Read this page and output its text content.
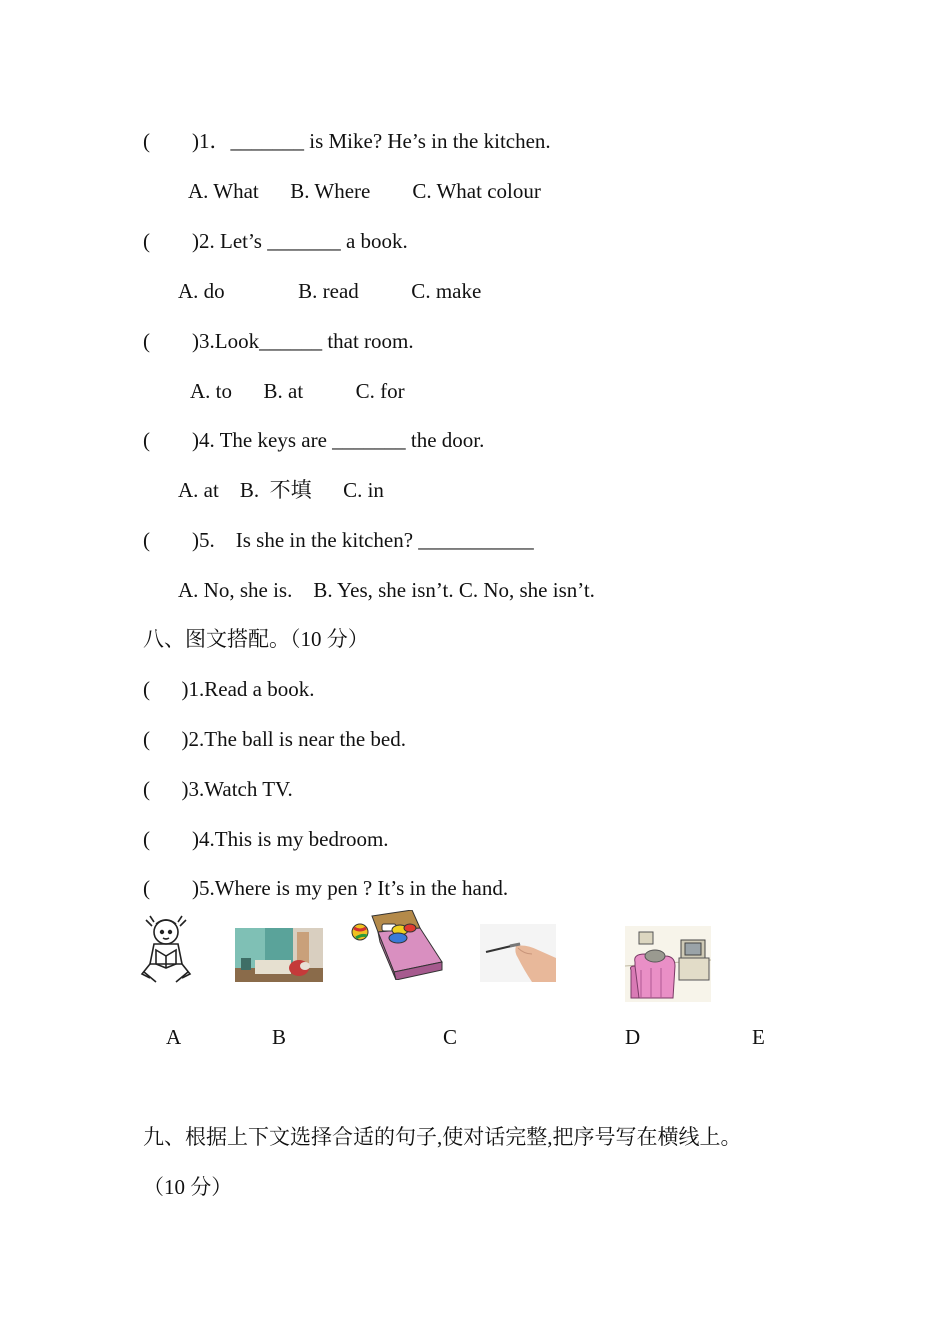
(        )1．_______ is Mike? He’s in the kitchen.
A. What      B. Where        C. What colour
(        )2. Let’s _______ a book.
A. do              B. read          C. make
(        )3.Look______ that room.
A. to      B. at          C. for
(        )4. The keys are _______ the door.
A. at    B.  不填      C. in
(        )5.    Is she in the kitchen? ___________
A. No, she is.    B. Yes, she isn’t. C. No, she isn’t.
八、图文搭配。（10 分）
(      )1.Read a book.
(      )2.The ball is near the bed.
(      )3.Watch TV.
(        )4.This is my bedroom.
(        )5.Where is my pen ? It’s in the hand.
A	B	C	D	E
九、根据上下文选择合适的句子,使对话完整,把序号写在横线上。
（10 分）
